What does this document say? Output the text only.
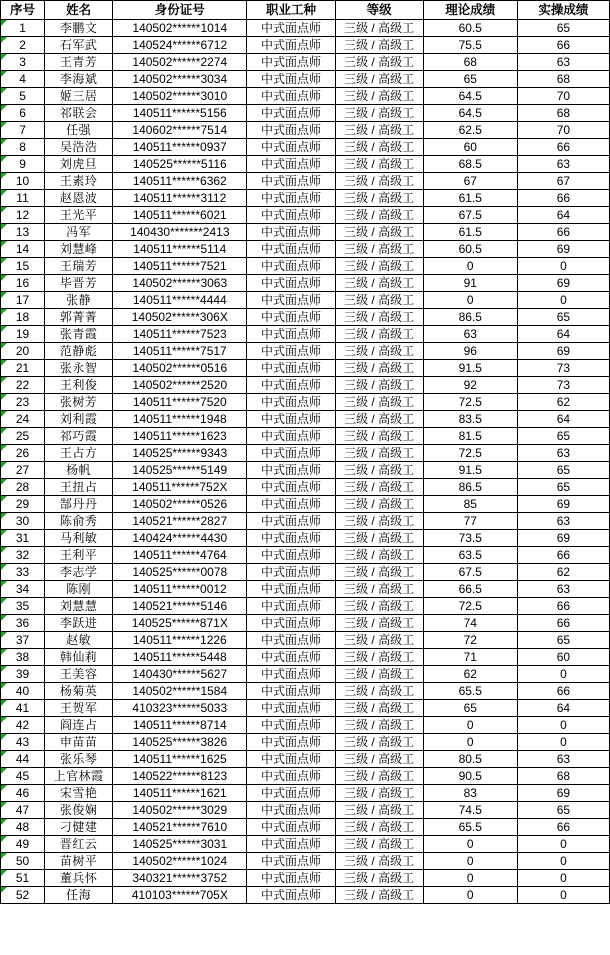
序号	姓名	身份证号	职业工种	等级	理论成绩	实操成绩

1	李鹏文	140502******1014	中式面点师	三级 / 高级工	60.5	65

2	石军武	140524******6712	中式面点师	三级 / 高级工	75.5	66

3	王青芳	140502******2274	中式面点师	三级 / 高级工	68	63

4	李海斌	140502******3034	中式面点师	三级 / 高级工	65	68

5	姬三居	140502******3010	中式面点师	三级 / 高级工	64.5	70

6	祁联会	140511******5156	中式面点师	三级 / 高级工	64.5	68

7	任强	140602******7514	中式面点师	三级 / 高级工	62.5	70

8	吴浩浩	140511******0937	中式面点师	三级 / 高级工	60	66

9	刘虎旦	140525******5116	中式面点师	三级 / 高级工	68.5	63

10	王素玲	140511******6362	中式面点师	三级 / 高级工	67	67

11	赵恩波	140511******3112	中式面点师	三级 / 高级工	61.5	66

12	王光平	140511******6021	中式面点师	三级 / 高级工	67.5	64

13	冯军	140430*******2413	中式面点师	三级 / 高级工	61.5	66

14	刘慧峰	140511******5114	中式面点师	三级 / 高级工	60.5	69

15	王瑞芳	140511******7521	中式面点师	三级 / 高级工	0	0

16	毕晋芳	140502******3063	中式面点师	三级 / 高级工	91	69

17	张静	140511******4444	中式面点师	三级 / 高级工	0	0

18	郭菁菁	140502******306X	中式面点师	三级 / 高级工	86.5	65

19	张青霞	140511******7523	中式面点师	三级 / 高级工	63	64

20	范静彪	140511******7517	中式面点师	三级 / 高级工	96	69

21	张永智	140502******0516	中式面点师	三级 / 高级工	91.5	73

22	王利俊	140502******2520	中式面点师	三级 / 高级工	92	73

23	张树芳	140511******7520	中式面点师	三级 / 高级工	72.5	62

24	刘利霞	140511******1948	中式面点师	三级 / 高级工	83.5	64

25	祁巧霞	140511******1623	中式面点师	三级 / 高级工	81.5	65

26	王占方	140525******9343	中式面点师	三级 / 高级工	72.5	63

27	杨帆	140525******5149	中式面点师	三级 / 高级工	91.5	65

28	王扭占	140511******752X	中式面点师	三级 / 高级工	86.5	65

29	郜丹丹	140502******0526	中式面点师	三级 / 高级工	85	69

30	陈俞秀	140521******2827	中式面点师	三级 / 高级工	77	63

31	马利敏	140424******4430	中式面点师	三级 / 高级工	73.5	69

32	王利平	140511******4764	中式面点师	三级 / 高级工	63.5	66

33	李志学	140525******0078	中式面点师	三级 / 高级工	67.5	62

34	陈刚	140511******0012	中式面点师	三级 / 高级工	66.5	63

35	刘慧慧	140521******5146	中式面点师	三级 / 高级工	72.5	66

36	李跃进	140525******871X	中式面点师	三级 / 高级工	74	66

37	赵敏	140511******1226	中式面点师	三级 / 高级工	72	65

38	韩仙莉	140511******5448	中式面点师	三级 / 高级工	71	60

39	王美容	140430******5627	中式面点师	三级 / 高级工	62	0

40	杨菊英	140502******1584	中式面点师	三级 / 高级工	65.5	66

41	王贺军	410323******5033	中式面点师	三级 / 高级工	65	64

42	阎连占	140511******8714	中式面点师	三级 / 高级工	0	0

43	申苗苗	140525******3826	中式面点师	三级 / 高级工	0	0

44	张乐琴	140511******1625	中式面点师	三级 / 高级工	80.5	63

45	上官林霞	140522******8123	中式面点师	三级 / 高级工	90.5	68

46	宋雪艳	140511******1621	中式面点师	三级 / 高级工	83	69

47	张俊娴	140502******3029	中式面点师	三级 / 高级工	74.5	65

48	刁健建	140521******7610	中式面点师	三级 / 高级工	65.5	66

49	晋红云	140525******3031	中式面点师	三级 / 高级工	0	0

50	苗树平	140502******1024	中式面点师	三级 / 高级工	0	0

51	董兵怀	340321******3752	中式面点师	三级 / 高级工	0	0

52	任海	410103******705X	中式面点师	三级 / 高级工	0	0
